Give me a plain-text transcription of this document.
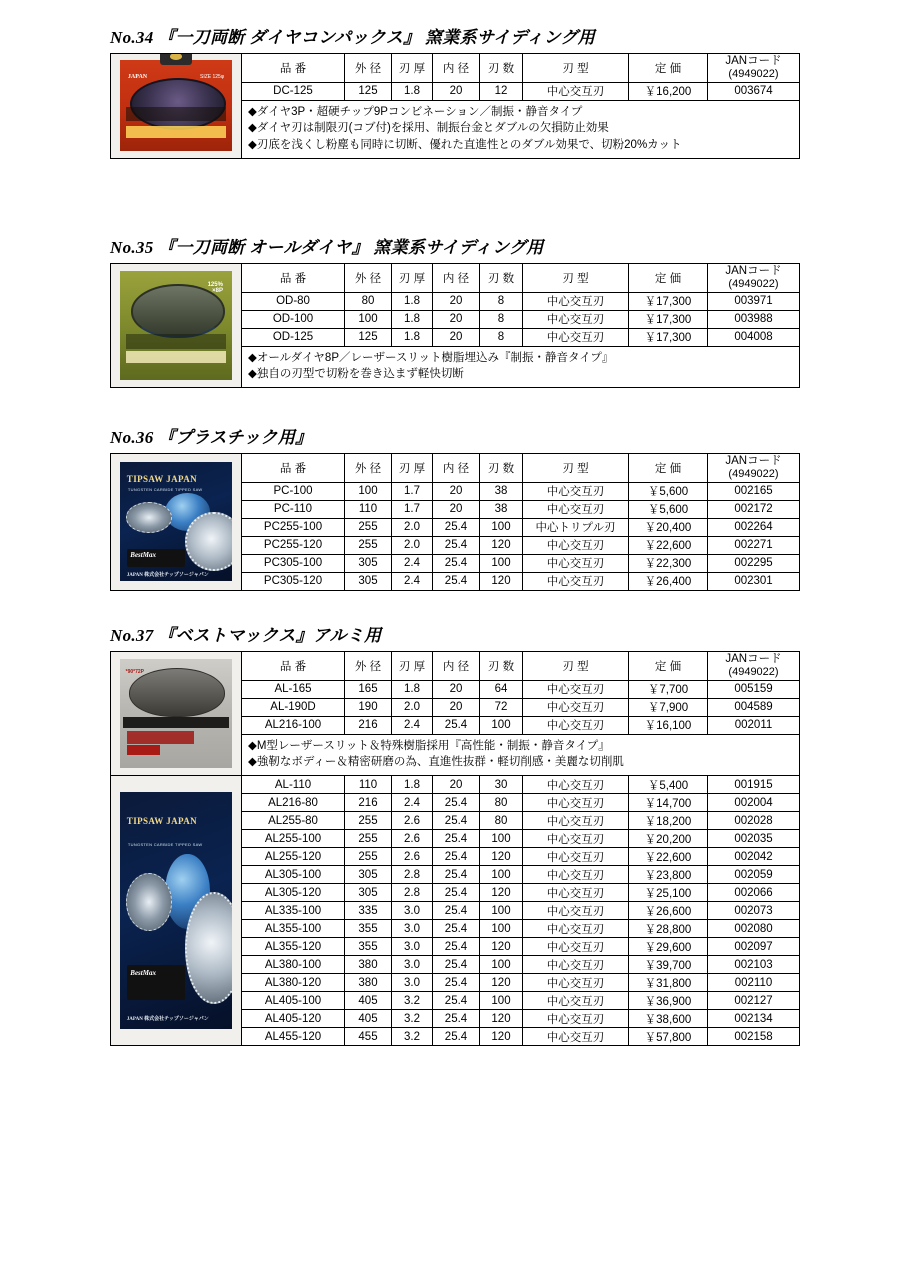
No.34 『一刀両断 ダイヤコンパックス』 窯業系サイディング用
JAPAN	SIZE 125φ
	品 番	外 径	刃 厚	内 径	刃 数	刃 型	定 価	JANコード
(4949022)

	DC-125	125	1.8	20	12	中心交互刃	￥16,200	003674

	◆ダイヤ3P・超硬チップ9Pコンビネーション／制振・静音タイプ
◆ダイヤ刃は制限刃(コブ付)を採用、制振台金とダブルの欠損防止効果
◆刃底を浅くし粉塵も同時に切断、優れた直進性とのダブル効果で、切粉20%カット							
No.35 『一刀両断 オールダイヤ』 窯業系サイディング用
125%
×8P
	品 番	外 径	刃 厚	内 径	刃 数	刃 型	定 価	JANコード
(4949022)

	OD-80	80	1.8	20	8	中心交互刃	￥17,300	003971
	OD-100	100	1.8	20	8	中心交互刃	￥17,300	003988
	OD-125	125	1.8	20	8	中心交互刃	￥17,300	004008

	◆オールダイヤ8P／レーザースリット樹脂埋込み『制振・静音タイプ』
◆独自の刃型で切粉を巻き込まず軽快切断							
No.36 『プラスチック用』
TIPSAW JAPAN
TUNGSTEN CARBIDE TIPPED SAW
BestMax
JAPAN 株式会社チップソージャパン
	品 番	外 径	刃 厚	内 径	刃 数	刃 型	定 価	JANコード
(4949022)

	PC-100	100	1.7	20	38	中心交互刃	￥5,600	002165
	PC-110	110	1.7	20	38	中心交互刃	￥5,600	002172
	PC255-100	255	2.0	25.4	100	中心トリプル刃	￥20,400	002264
	PC255-120	255	2.0	25.4	120	中心交互刃	￥22,600	002271
	PC305-100	305	2.4	25.4	100	中心交互刃	￥22,300	002295
	PC305-120	305	2.4	25.4	120	中心交互刃	￥26,400	002301
No.37 『ベストマックス』アルミ用
*90*72P	品 番	外 径	刃 厚	内 径	刃 数	刃 型	定 価	JANコード
(4949022)

	AL-165	165	1.8	20	64	中心交互刃	￥7,700	005159
	AL-190D	190	2.0	20	72	中心交互刃	￥7,900	004589
	AL216-100	216	2.4	25.4	100	中心交互刃	￥16,100	002011

	◆M型レーザースリット＆特殊樹脂採用『高性能・制振・静音タイプ』
◆強靭なボディー＆精密研磨の為、直進性抜群・軽切削感・美麗な切削肌							

TIPSAW JAPAN
TUNGSTEN CARBIDE TIPPED SAW
BestMax
JAPAN 株式会社チップソージャパン	AL-110	110	1.8	20	30	中心交互刃	￥5,400	001915
	AL216-80	216	2.4	25.4	80	中心交互刃	￥14,700	002004
	AL255-80	255	2.6	25.4	80	中心交互刃	￥18,200	002028
	AL255-100	255	2.6	25.4	100	中心交互刃	￥20,200	002035
	AL255-120	255	2.6	25.4	120	中心交互刃	￥22,600	002042
	AL305-100	305	2.8	25.4	100	中心交互刃	￥23,800	002059
	AL305-120	305	2.8	25.4	120	中心交互刃	￥25,100	002066
	AL335-100	335	3.0	25.4	100	中心交互刃	￥26,600	002073
	AL355-100	355	3.0	25.4	100	中心交互刃	￥28,800	002080
	AL355-120	355	3.0	25.4	120	中心交互刃	￥29,600	002097
	AL380-100	380	3.0	25.4	100	中心交互刃	￥39,700	002103
	AL380-120	380	3.0	25.4	120	中心交互刃	￥31,800	002110
	AL405-100	405	3.2	25.4	100	中心交互刃	￥36,900	002127
	AL405-120	405	3.2	25.4	120	中心交互刃	￥38,600	002134
	AL455-120	455	3.2	25.4	120	中心交互刃	￥57,800	002158
